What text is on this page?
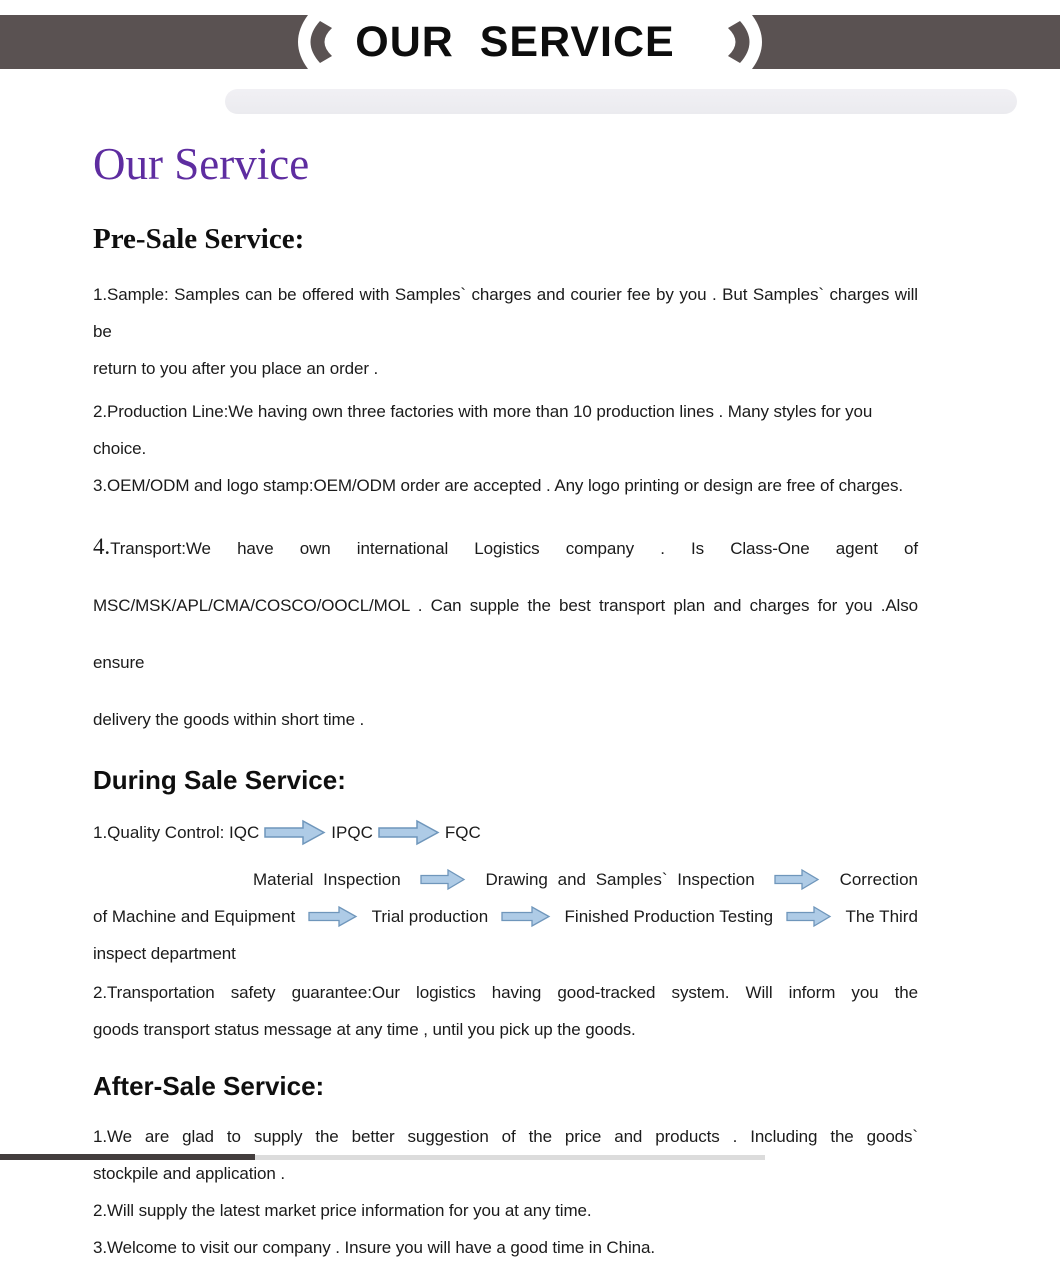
OUR  SERVICE
Our Service
Pre-Sale Service:
1.Sample: Samples can be offered with Samples` charges and courier fee by you . But Samples` charges will be
return to you after you place an order .
2.Production Line:We having own three factories with more than 10 production lines . Many styles for you choice.
3.OEM/ODM and logo stamp:OEM/ODM order are accepted . Any logo printing or design are free of charges.
4.Transport:We have own international Logistics company . Is Class-One agent of
MSC/MSK/APL/CMA/COSCO/OOCL/MOL . Can supple the best transport plan and charges for you .Also ensure
delivery the goods within short time .
During Sale Service:
1.Quality Control: IQC	IPQC	FQC
Material Inspection	Drawing and Samples` Inspection	Correction
of Machine and Equipment	Trial production	Finished Production Testing	The Third
inspect department
2.Transportation safety guarantee:Our logistics having good-tracked system. Will inform you the
goods transport status message at any time , until you pick up the goods.
After-Sale Service:
1.We are glad to supply the better suggestion of the price and products . Including the goods`
stockpile and application .
2.Will supply the latest market price information for you at any time.
3.Welcome to visit our company . Insure you will have a good time in China.
